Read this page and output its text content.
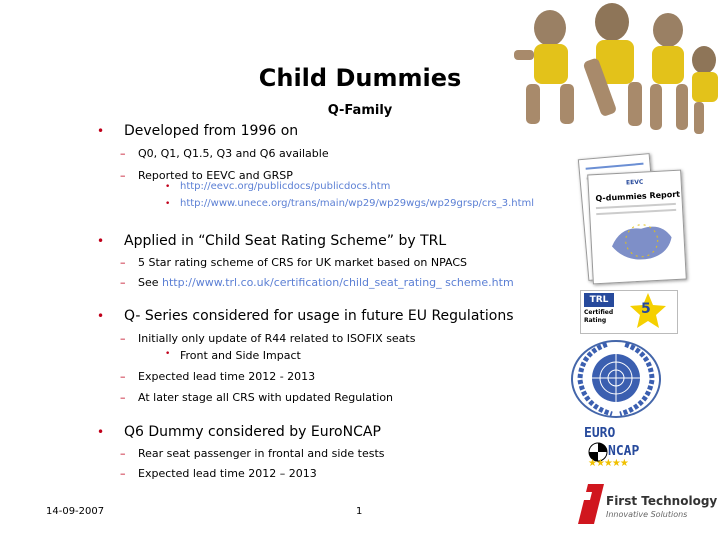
Child Dummies
Q-Family
EEVC
Q-dummies Report
TRL
Certified
Rating
5
EURO
NCAP
★★★★★
• Developed from 1996 on
– Q0, Q1, Q1.5, Q3 and Q6 available
– Reported to EEVC and GRSP
• http://eevc.org/publicdocs/publicdocs.htm
• http://www.unece.org/trans/main/wp29/wp29wgs/wp29grsp/crs_3.html
• Applied in “Child Seat Rating Scheme” by TRL
– 5 Star rating scheme of CRS for UK market based on NPACS
– See http://www.trl.co.uk/certification/child_seat_rating_ scheme.htm
• Q- Series considered for usage in future EU Regulations
– Initially only update of R44 related to ISOFIX seats
• Front and Side Impact
– Expected lead time 2012 - 2013
– At later stage all CRS with updated Regulation
• Q6 Dummy considered by EuroNCAP
– Rear seat passenger in frontal and side tests
– Expected lead time 2012 – 2013
14-09-2007	1
First Technology
Innovative Solutions
